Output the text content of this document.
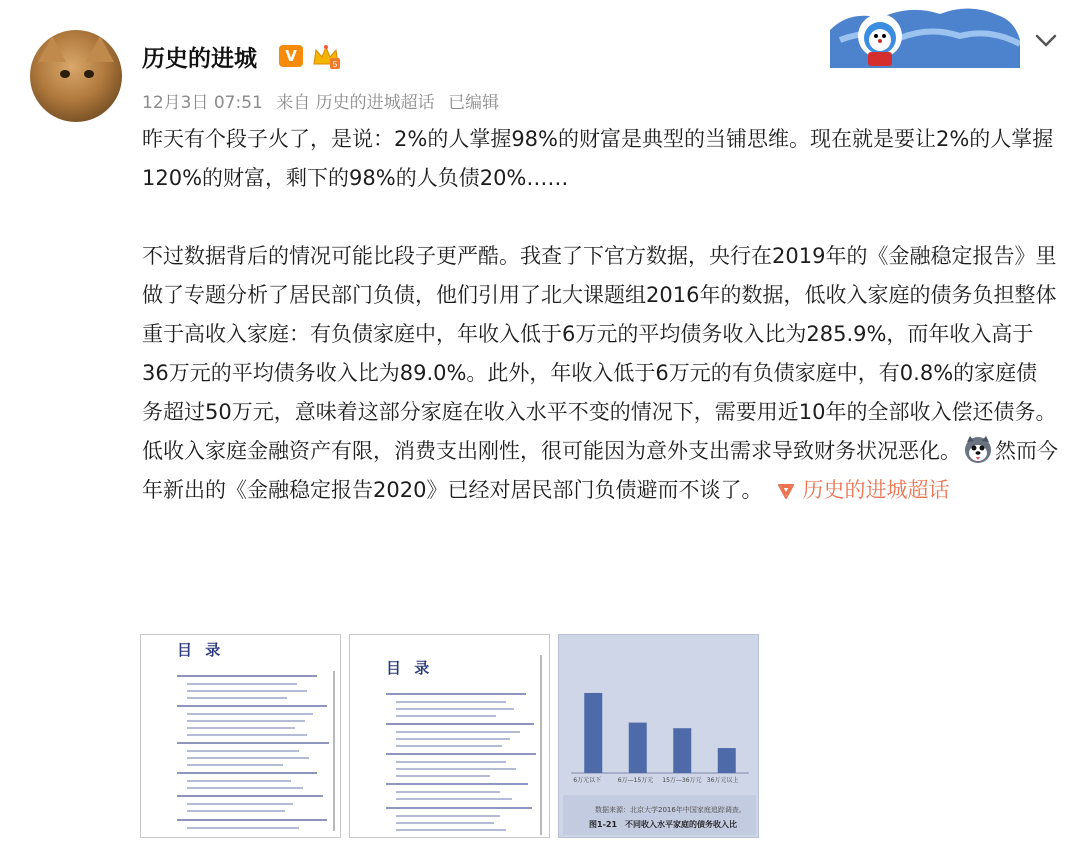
历史的进城	V	5
12月3日 07:51 来自 历史的进城超话 已编辑

昨天有个段子火了，是说：2%的人掌握98%的财富是典型的当铺思维。现在就是要让2%的人掌握120%的财富，剩下的98%的人负债20%……

不过数据背后的情况可能比段子更严酷。我查了下官方数据，央行在2019年的《金融稳定报告》里做了专题分析了居民部门负债，他们引用了北大课题组2016年的数据，低收入家庭的债务负担整体重于高收入家庭：有负债家庭中，年收入低于6万元的平均债务收入比为285.9%，而年收入高于36万元的平均债务收入比为89.0%。此外，年收入低于6万元的有负债家庭中，有0.8%的家庭债务超过50万元，意味着这部分家庭在收入水平不变的情况下，需要用近10年的全部收入偿还债务。低收入家庭金融资产有限，消费支出刚性，很可能因为意外支出需求导致财务状况恶化。 然而今年新出的《金融稳定报告2020》已经对居民部门负债避而不谈了。 历史的进城超话

目 录
目 录
6万元以下	6万—15万元 15万—36万元 36万元以上
数据来源：北京大学2016年中国家庭追踪调查。
图1-21　不同收入水平家庭的债务收入比
